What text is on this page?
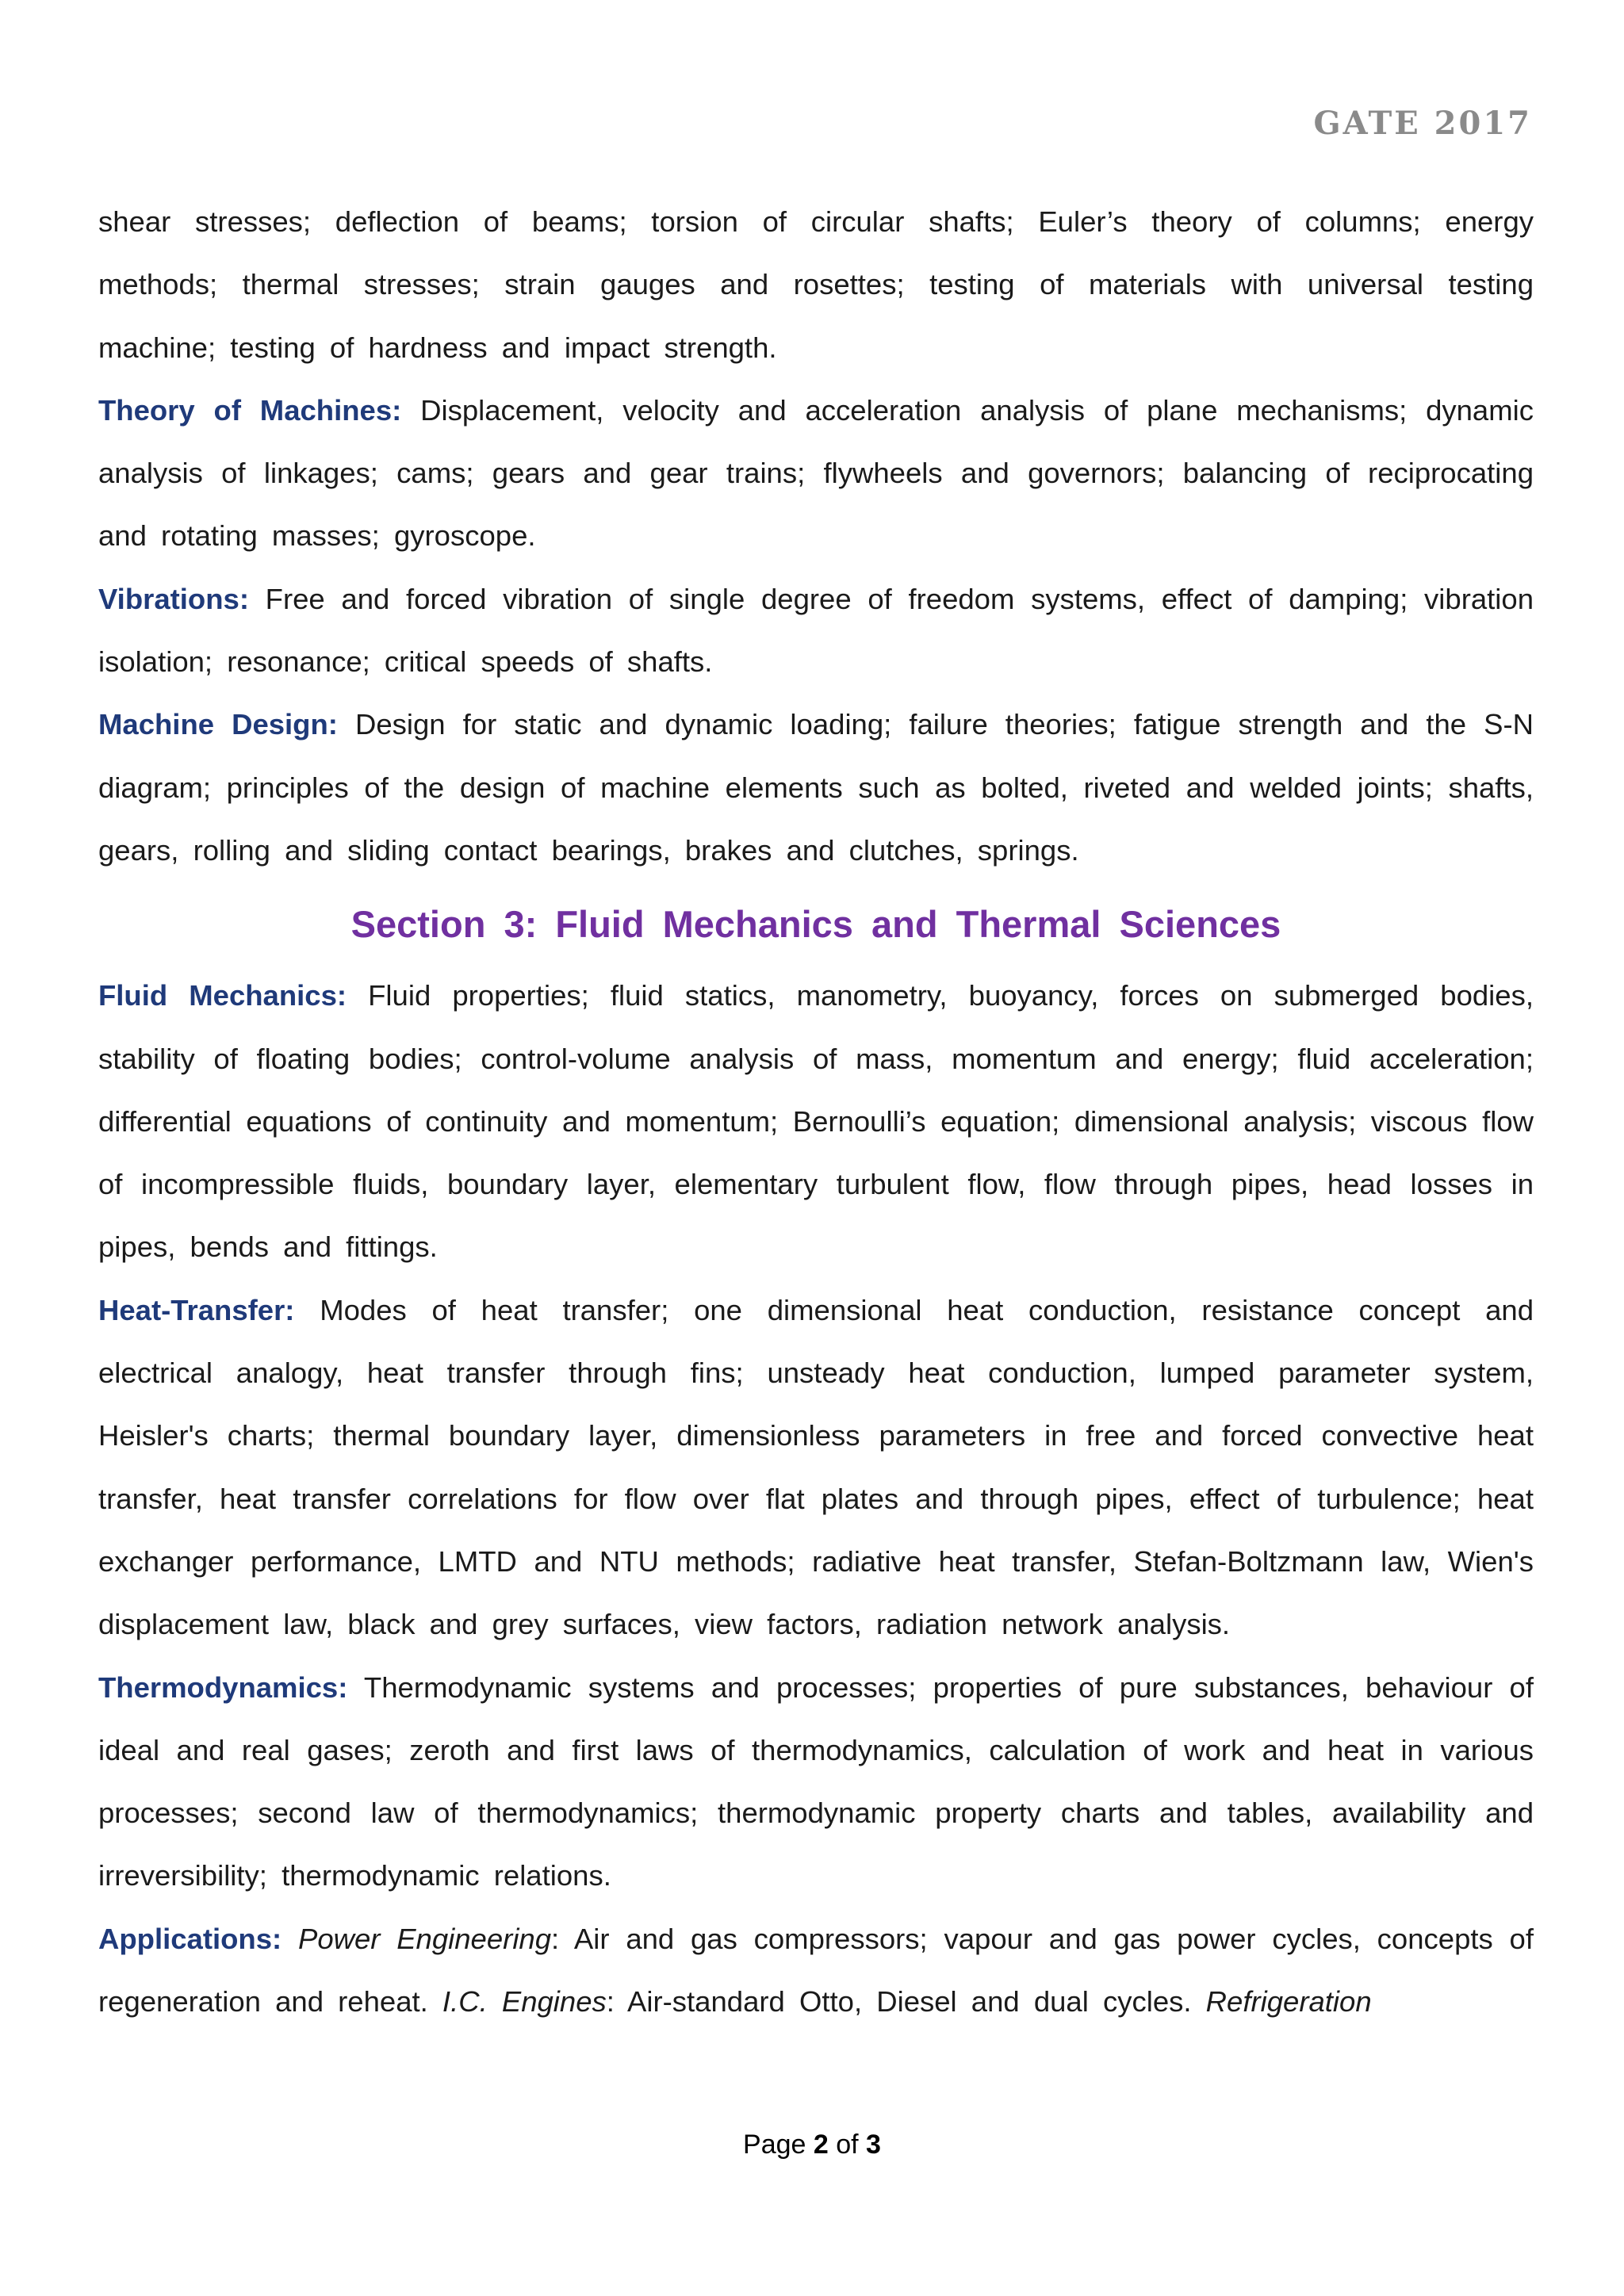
GATE 2017

shear stresses; deflection of beams; torsion of circular shafts; Euler’s theory of columns; energy methods; thermal stresses; strain gauges and rosettes; testing of materials with universal testing machine; testing of hardness and impact strength.

Theory of Machines: Displacement, velocity and acceleration analysis of plane mechanisms; dynamic analysis of linkages; cams; gears and gear trains; flywheels and governors; balancing of reciprocating and rotating masses; gyroscope.

Vibrations: Free and forced vibration of single degree of freedom systems, effect of damping; vibration isolation; resonance; critical speeds of shafts.

Machine Design: Design for static and dynamic loading; failure theories; fatigue strength and the S-N diagram; principles of the design of machine elements such as bolted, riveted and welded joints; shafts, gears, rolling and sliding contact bearings, brakes and clutches, springs.

Section 3: Fluid Mechanics and Thermal Sciences

Fluid Mechanics: Fluid properties; fluid statics, manometry, buoyancy, forces on submerged bodies, stability of floating bodies; control-volume analysis of mass, momentum and energy; fluid acceleration; differential equations of continuity and momentum; Bernoulli’s equation; dimensional analysis; viscous flow of incompressible fluids, boundary layer, elementary turbulent flow, flow through pipes, head losses in pipes, bends and fittings.

Heat-Transfer: Modes of heat transfer; one dimensional heat conduction, resistance concept and electrical analogy, heat transfer through fins; unsteady heat conduction, lumped parameter system, Heisler's charts; thermal boundary layer, dimensionless parameters in free and forced convective heat transfer, heat transfer correlations for flow over flat plates and through pipes, effect of turbulence; heat exchanger performance, LMTD and NTU methods; radiative heat transfer, Stefan-Boltzmann law, Wien's displacement law, black and grey surfaces, view factors, radiation network analysis.

Thermodynamics: Thermodynamic systems and processes; properties of pure substances, behaviour of ideal and real gases; zeroth and first laws of thermodynamics, calculation of work and heat in various processes; second law of thermodynamics; thermodynamic property charts and tables, availability and irreversibility; thermodynamic relations.

Applications: Power Engineering: Air and gas compressors; vapour and gas power cycles, concepts of regeneration and reheat. I.C. Engines: Air-standard Otto, Diesel and dual cycles. Refrigeration

Page 2 of 3
